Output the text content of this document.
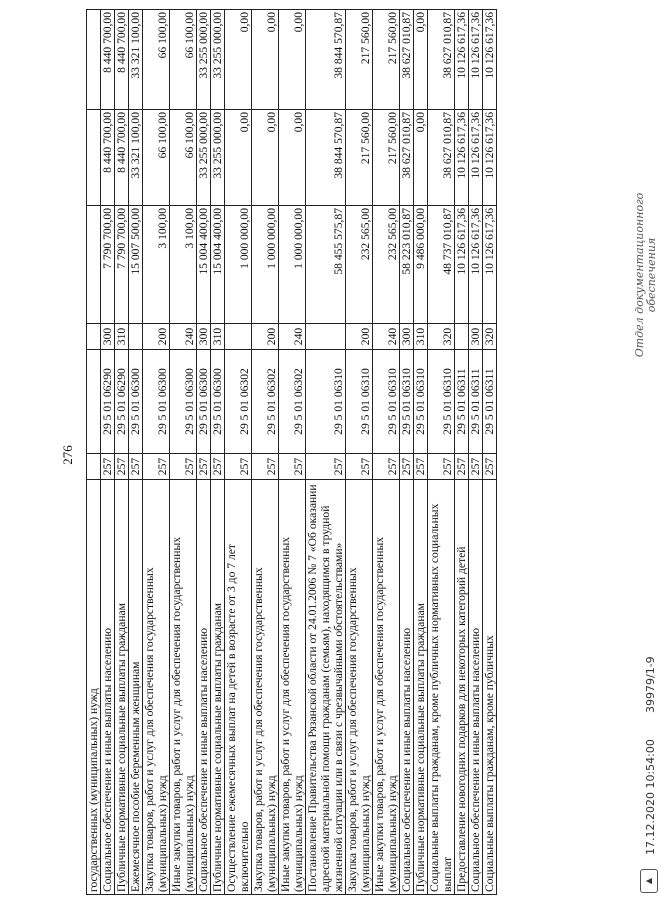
276
государственных (муниципальных) нужд						
Социальное обеспечение и иные выплаты населению	257	29 5 01 06290	300	7 790 700,00	8 440 700,00	8 440 700,00
Публичные нормативные социальные выплаты гражданам	257	29 5 01 06290	310	7 790 700,00	8 440 700,00	8 440 700,00
Ежемесячное пособие беременным женщинам	257	29 5 01 06300		15 007 500,00	33 321 100,00	33 321 100,00
Закупка товаров, работ и услуг для обеспечения государственных (муниципальных) нужд	257	29 5 01 06300	200	3 100,00	66 100,00	66 100,00
Иные закупки товаров, работ и услуг для обеспечения государственных (муниципальных) нужд	257	29 5 01 06300	240	3 100,00	66 100,00	66 100,00
Социальное обеспечение и иные выплаты населению	257	29 5 01 06300	300	15 004 400,00	33 255 000,00	33 255 000,00
Публичные нормативные социальные выплаты гражданам	257	29 5 01 06300	310	15 004 400,00	33 255 000,00	33 255 000,00
Осуществление ежемесячных выплат на детей в возрасте от 3 до 7 лет включительно	257	29 5 01 06302		1 000 000,00	0,00	0,00
Закупка товаров, работ и услуг для обеспечения государственных (муниципальных) нужд	257	29 5 01 06302	200	1 000 000,00	0,00	0,00
Иные закупки товаров, работ и услуг для обеспечения государственных (муниципальных) нужд	257	29 5 01 06302	240	1 000 000,00	0,00	0,00
Постановление Правительства Рязанской области от 24.01.2006 № 7 «Об оказании адресной материальной помощи гражданам (семьям), находящимся в трудной жизненной ситуации или в связи с чрезвычайными обстоятельствами»	257	29 5 01 06310		58 455 575,87	38 844 570,87	38 844 570,87
Закупка товаров, работ и услуг для обеспечения государственных (муниципальных) нужд	257	29 5 01 06310	200	232 565,00	217 560,00	217 560,00
Иные закупки товаров, работ и услуг для обеспечения государственных (муниципальных) нужд	257	29 5 01 06310	240	232 565,00	217 560,00	217 560,00
Социальное обеспечение и иные выплаты населению	257	29 5 01 06310	300	58 223 010,87	38 627 010,87	38 627 010,87
Публичные нормативные социальные выплаты гражданам	257	29 5 01 06310	310	9 486 000,00	0,00	0,00
Социальные выплаты гражданам, кроме публичных нормативных социальных выплат	257	29 5 01 06310	320	48 737 010,87	38 627 010,87	38 627 010,87
Предоставление новогодних подарков для некоторых категорий детей	257	29 5 01 06311		10 126 617,36	10 126 617,36	10 126 617,36
Социальное обеспечение и иные выплаты населению	257	29 5 01 06311	300	10 126 617,36	10 126 617,36	10 126 617,36
Социальные выплаты гражданам, кроме публичных	257	29 5 01 06311	320	10 126 617,36	10 126 617,36	10 126 617,36
▲
17.12.2020 10:54:00
39979/1-9
Отдел документационного обеспечения
